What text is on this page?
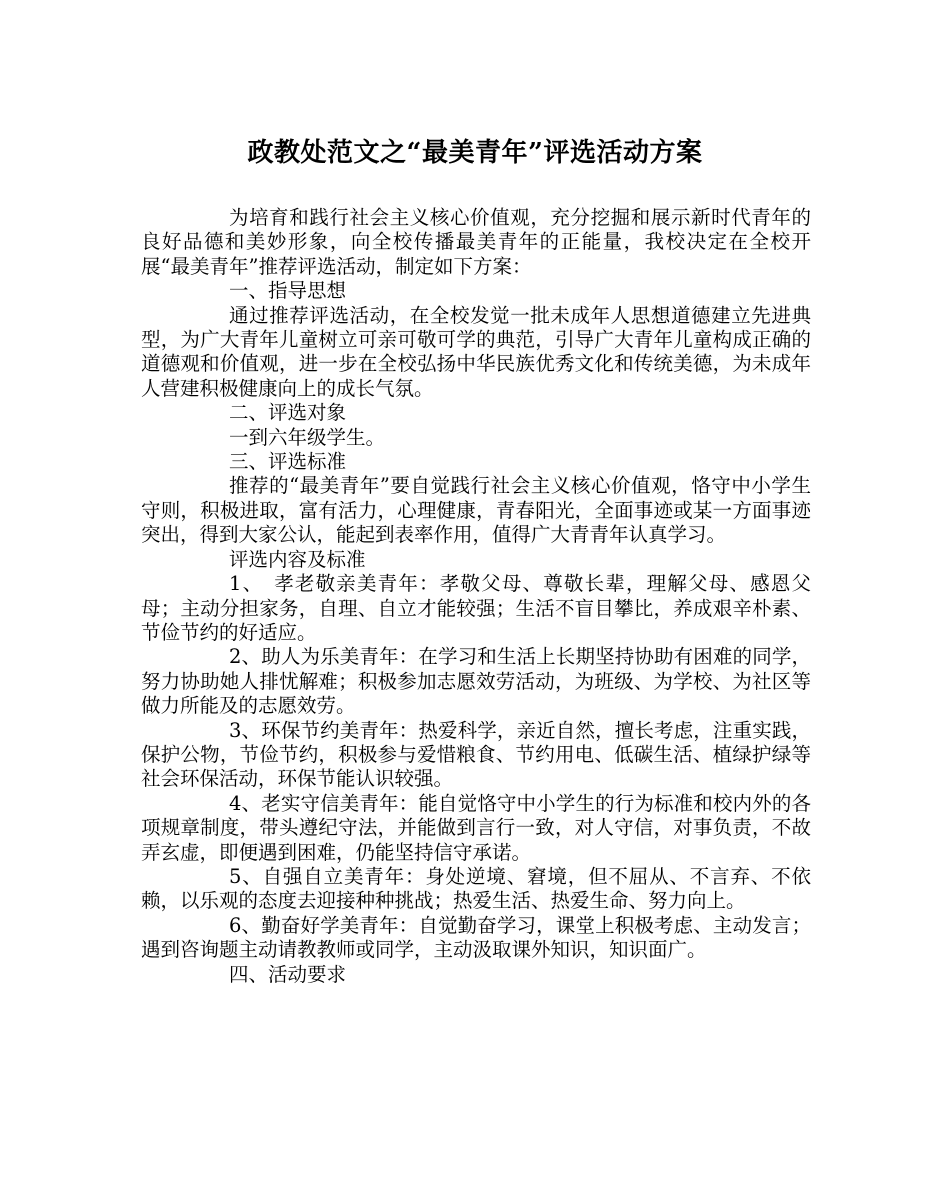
政教处范文之“最美青年”评选活动方案

为培育和践行社会主义核心价值观，充分挖掘和展示新时代青年的良好品德和美妙形象，向全校传播最美青年的正能量，我校决定在全校开展“最美青年”推荐评选活动，制定如下方案：

一、指导思想

通过推荐评选活动，在全校发觉一批未成年人思想道德建立先进典型，为广大青年儿童树立可亲可敬可学的典范，引导广大青年儿童构成正确的道德观和价值观，进一步在全校弘扬中华民族优秀文化和传统美德，为未成年人营建积极健康向上的成长气氛。

二、评选对象

一到六年级学生。

三、评选标准

推荐的“最美青年”要自觉践行社会主义核心价值观，恪守中小学生守则，积极进取，富有活力，心理健康，青春阳光，全面事迹或某一方面事迹突出，得到大家公认，能起到表率作用，值得广大青青年认真学习。

评选内容及标准

1、　孝老敬亲美青年：孝敬父母、尊敬长辈，理解父母、感恩父母；主动分担家务，自理、自立才能较强；生活不盲目攀比，养成艰辛朴素、节俭节约的好适应。

2、助人为乐美青年：在学习和生活上长期坚持协助有困难的同学，努力协助她人排忧解难；积极参加志愿效劳活动，为班级、为学校、为社区等做力所能及的志愿效劳。

3、环保节约美青年：热爱科学，亲近自然，擅长考虑，注重实践，保护公物，节俭节约，积极参与爱惜粮食、节约用电、低碳生活、植绿护绿等社会环保活动，环保节能认识较强。

4、老实守信美青年：能自觉恪守中小学生的行为标准和校内外的各项规章制度，带头遵纪守法，并能做到言行一致，对人守信，对事负责，不故弄玄虚，即便遇到困难，仍能坚持信守承诺。

5、自强自立美青年：身处逆境、窘境，但不屈从、不言弃、不依赖，以乐观的态度去迎接种种挑战；热爱生活、热爱生命、努力向上。

6、勤奋好学美青年：自觉勤奋学习，课堂上积极考虑、主动发言；遇到咨询题主动请教教师或同学，主动汲取课外知识，知识面广。

四、活动要求
